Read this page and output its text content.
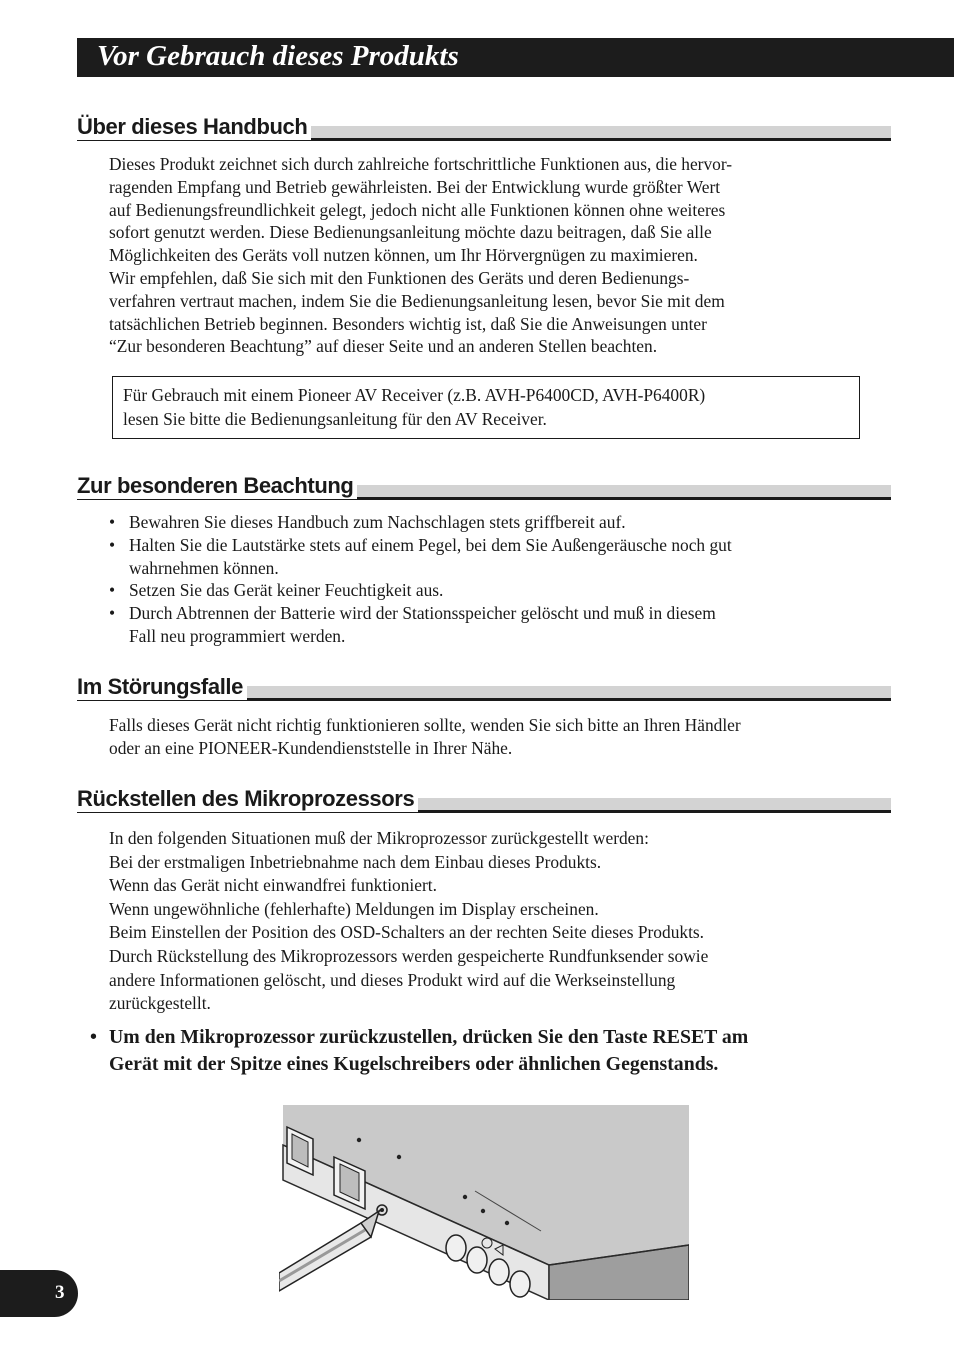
Vor Gebrauch dieses Produkts
Über dieses Handbuch
Dieses Produkt zeichnet sich durch zahlreiche fortschrittliche Funktionen aus, die hervor-
ragenden Empfang und Betrieb gewährleisten. Bei der Entwicklung wurde größter Wert
auf Bedienungsfreundlichkeit gelegt, jedoch nicht alle Funktionen können ohne weiteres
sofort genutzt werden. Diese Bedienungsanleitung möchte dazu beitragen, daß Sie alle
Möglichkeiten des Geräts voll nutzen können, um Ihr Hörvergnügen zu maximieren.
Wir empfehlen, daß Sie sich mit den Funktionen des Geräts und deren Bedienungs-
verfahren vertraut machen, indem Sie die Bedienungsanleitung lesen, bevor Sie mit dem
tatsächlichen Betrieb beginnen. Besonders wichtig ist, daß Sie die Anweisungen unter
“Zur besonderen Beachtung” auf dieser Seite und an anderen Stellen beachten.
Für Gebrauch mit einem Pioneer AV Receiver (z.B. AVH-P6400CD, AVH-P6400R)
lesen Sie bitte die Bedienungsanleitung für den AV Receiver.
Zur besonderen Beachtung
• Bewahren Sie dieses Handbuch zum Nachschlagen stets griffbereit auf.
• Halten Sie die Lautstärke stets auf einem Pegel, bei dem Sie Außengeräusche noch gut
wahrnehmen können.
• Setzen Sie das Gerät keiner Feuchtigkeit aus.
• Durch Abtrennen der Batterie wird der Stationsspeicher gelöscht und muß in diesem
Fall neu programmiert werden.
Im Störungsfalle
Falls dieses Gerät nicht richtig funktionieren sollte, wenden Sie sich bitte an Ihren Händler
oder an eine PIONEER-Kundendienststelle in Ihrer Nähe.
Rückstellen des Mikroprozessors
In den folgenden Situationen muß der Mikroprozessor zurückgestellt werden:
Bei der erstmaligen Inbetriebnahme nach dem Einbau dieses Produkts.
Wenn das Gerät nicht einwandfrei funktioniert.
Wenn ungewöhnliche (fehlerhafte) Meldungen im Display erscheinen.
Beim Einstellen der Position des OSD-Schalters an der rechten Seite dieses Produkts.
Durch Rückstellung des Mikroprozessors werden gespeicherte Rundfunksender sowie
andere Informationen gelöscht, und dieses Produkt wird auf die Werkseinstellung
zurückgestellt.
• Um den Mikroprozessor zurückzustellen, drücken Sie den Taste RESET am
Gerät mit der Spitze eines Kugelschreibers oder ähnlichen Gegenstands.
3
